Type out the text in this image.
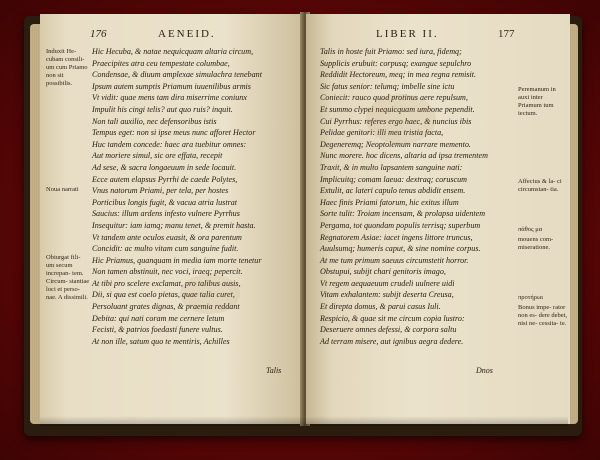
176	AENEID.
Induxit He- cubam consili- um cum Priamo non sit possibilis.
Noua narrati
Obiurgat fili- um secum increpan- tem. Circum- stantiae loci et perso- nae. A dissimili.
Hic Hecuba, & natae nequicquam altaria circum,
Praecipites atra ceu tempestate columbae,
Condensae, & diuum amplexae simulachra tenebant
Ipsum autem sumptis Priamum iuuenilibus armis
Vt vidit: quae mens tam dira miserrime coniunx
Impulit his cingi telis? aut quo ruis? inquit.
Non tali auxilio, nec defensoribus istis
Tempus eget: non si ipse meus nunc afforet Hector
Huc tandem concede: haec ara tuebitur omnes:
Aut moriere simul, sic ore effata, recepit
Ad sese, & sacra longaeuum in sede locauit.
Ecce autem elapsus Pyrrhi de caede Polytes,
Vnus natorum Priami, per tela, per hostes
Porticibus longis fugit, & vacua atria lustrat
Saucius: illum ardens infesto vulnere Pyrrhus
Insequitur: iam iamq; manu tenet, & premit hasta.
Vt tandem ante oculos euasit, & ora parentum
Concidit: ac multo vitam cum sanguine fudit.
Hic Priamus, quanquam in media iam morte tenetur
Non tamen abstinuit, nec voci, iraeq; pepercit.
At tibi pro scelere exclamat, pro talibus ausis,
Dii, si qua est coelo pietas, quae talia curet,
Persoluant grates dignas, & praemia reddant
Debita: qui nati coram me cernere letum
Fecisti, & patrios foedasti funere vultus.
At non ille, satum quo te mentiris, Achilles
Talis
LIBER II.	177
Talis in hoste fuit Priamo: sed iura, fidemq;
Supplicis erubuit: corpusq; exangue sepulchro
Reddidit Hectoreum, meq; in mea regna remisit.
Sic fatus senior: telumq; imbelle sine ictu
Coniecit: rauco quod protinus aere repulsum,
Et summo clypei nequicquam umbone pependit.
Cui Pyrrhus: referes ergo haec, & nuncius ibis
Pelidae genitori: illi mea tristia facta,
Degeneremq; Neoptolemum narrare memento.
Nunc morere. hoc dicens, altaria ad ipsa trementem
Traxit, & in multo lapsantem sanguine nati:
Implicuitq; comam laeua: dextraq; coruscum
Extulit, ac lateri capulo tenus abdidit ensem.
Haec finis Priami fatorum, hic exitus illum
Sorte tulit: Troiam incensam, & prolapsa uidentem
Pergama, tot quondam populis terrisq; superbum
Regnatorem Asiae: iacet ingens littore truncus,
Auulsumq; humeris caput, & sine nomine corpus.
At me tum primum saeuus circumstetit horror.
Obstupui, subijt chari genitoris imago,
Vt regem aequaeuum crudeli uulnere uidi
Vitam exhalantem: subijt deserta Creusa,
Et direpta domus, & parui casus Iuli.
Respicio, & quae sit me circum copia lustro:
Deseruere omnes defessi, & corpora saltu
Ad terram misere, aut ignibus aegra dedere.
Peremanum in auxi inter Priamum tum iectum.
Affectus & la- ci circumstan- tia.
πάθος μα
mouens com- miseratione.
προτήρωι
Bonus impe- rator non es- dere debet, nisi ne- cessita- te.
Dnos
